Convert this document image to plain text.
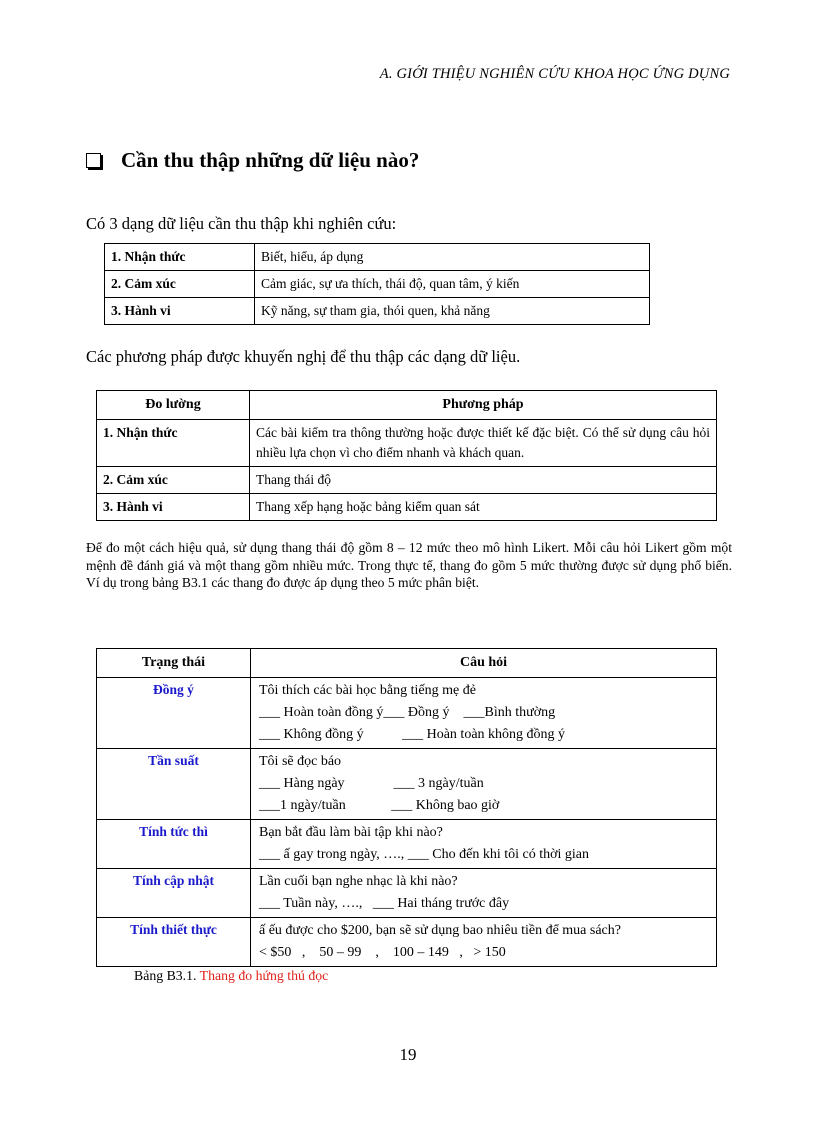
A. GIỚI THIỆU NGHIÊN CỨU KHOA HỌC ỨNG DỤNG
Cần thu thập những dữ liệu nào?
Có 3 dạng dữ liệu cần thu thập khi nghiên cứu:
1. Nhận thức	Biết, hiểu, áp dụng
2. Cảm xúc	Cảm giác, sự ưa thích, thái độ, quan tâm, ý kiến
3. Hành vi	Kỹ năng, sự tham gia, thói quen, khả năng
Các phương pháp được khuyến nghị để thu thập các dạng dữ liệu.
Đo lường	Phương pháp
1. Nhận thức	Các bài kiểm tra thông thường hoặc được thiết kế đặc biệt. Có thể sử dụng câu hỏi nhiều lựa chọn vì cho điểm nhanh và khách quan.
2. Cảm xúc	Thang thái độ
3. Hành vi	Thang xếp hạng hoặc bảng kiểm quan sát
Để đo một cách hiệu quả, sử dụng thang thái độ gồm 8 – 12 mức theo mô hình Likert. Mỗi câu hỏi Likert gồm một mệnh đề đánh giá và một thang gồm nhiều mức. Trong thực tế, thang đo gồm 5 mức thường được sử dụng phổ biến. Ví dụ trong bảng B3.1 các thang đo được áp dụng theo 5 mức phân biệt.
Trạng thái	Câu hỏi
Đồng ý	Tôi thích các bài học bằng tiếng mẹ đẻ
___ Hoàn toàn đồng ý___ Đồng ý    ___Bình thường
___ Không đồng ý           ___ Hoàn toàn không đồng ý

Tần suất	Tôi sẽ đọc báo
___ Hàng ngày              ___ 3 ngày/tuần
___1 ngày/tuần             ___ Không bao giờ

Tính tức thì	Bạn bắt đầu làm bài tập khi nào?
___ ấ gay trong ngày, …., ___ Cho đến khi tôi có thời gian

Tính cập nhật	Lần cuối bạn nghe nhạc là khi nào?
___ Tuần này, ….,   ___ Hai tháng trước đây

Tính thiết thực	ấ ếu được cho $200, bạn sẽ sử dụng bao nhiêu tiền để mua sách?
< $50   ,    50 – 99    ,    100 – 149   ,   > 150
Bảng B3.1. Thang đo hứng thú đọc
19
